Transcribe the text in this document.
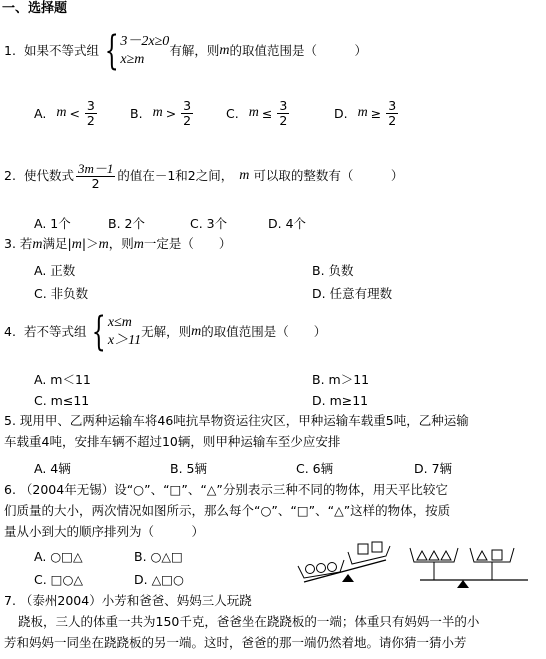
一、选择题
1. 如果不等式组 { 3－2x≥0
x≥m
有解，则 m 的取值范围是（　　　）
A. $m < \frac{3}{2}$	B. $m > \frac{3}{2}$	C. $m \le \frac{3}{2}$	D. $m \ge \frac{3}{2}$
2. 使代数式 $\frac{3m-1}{2}$ 的值在－1和2之间， m 可以取的整数有（　　　）
A. 1个	B. 2个	C. 3个	D. 4个
3. 若m满足|m|＞m，则m一定是（　　）
A. 正数	B. 负数
C. 非负数	D. 任意有理数
4. 若不等式组 { x≤m
x＞11
无解，则 m 的取值范围是（　　）
A. m＜11	B. m＞11
C. m≤11	D. m≥11
5. 现用甲、乙两种运输车将46吨抗旱物资运往灾区，甲种运输车载重5吨，乙种运输
车载重4吨，安排车辆不超过10辆，则甲种运输车至少应安排
A. 4辆	B. 5辆	C. 6辆	D. 7辆
6. （2004年无锡）设“○”、“□”、“△”分别表示三种不同的物体，用天平比较它
们质量的大小，两次情况如图所示，那么每个“○”、“□”、“△”这样的物体，按质
量从小到大的顺序排列为（　　　）
A. ○□△	B. ○△□
C. □○△	D. △□○
7. （泰州2004）小芳和爸爸、妈妈三人玩跷
跷板，三人的体重一共为150千克，爸爸坐在跷跷板的一端；体重只有妈妈一半的小
芳和妈妈一同坐在跷跷板的另一端。这时，爸爸的那一端仍然着地。请你猜一猜小芳
